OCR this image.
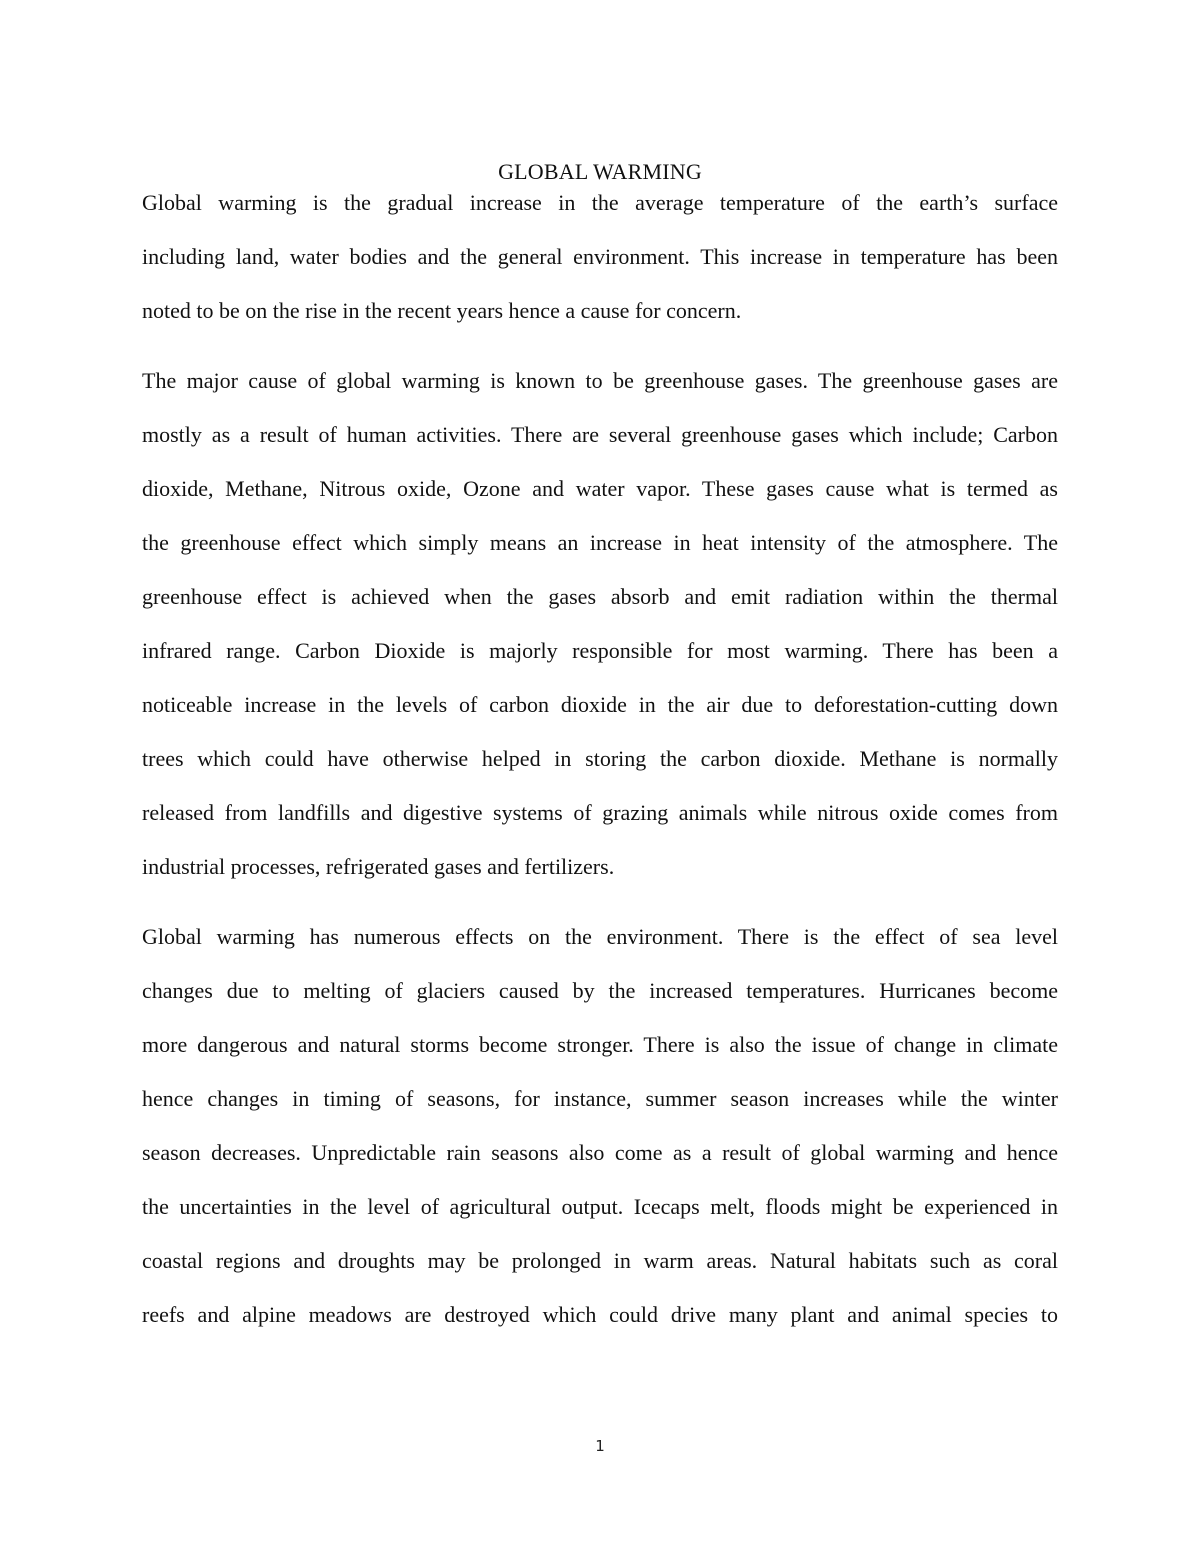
GLOBAL WARMING
Global warming is the gradual increase in the average temperature of the earth’s surface
including land, water bodies and the general environment. This increase in temperature has been
noted to be on the rise in the recent years hence a cause for concern.
The major cause of global warming is known to be greenhouse gases. The greenhouse gases are
mostly as a result of human activities. There are several greenhouse gases which include; Carbon
dioxide, Methane, Nitrous oxide, Ozone and water vapor. These gases cause what is termed as
the greenhouse effect which simply means an increase in heat intensity of the atmosphere. The
greenhouse effect is achieved when the gases absorb and emit radiation within the thermal
infrared range. Carbon Dioxide is majorly responsible for most warming. There has been a
noticeable increase in the levels of carbon dioxide in the air due to deforestation-cutting down
trees which could have otherwise helped in storing the carbon dioxide. Methane is normally
released from landfills and digestive systems of grazing animals while nitrous oxide comes from
industrial processes, refrigerated gases and fertilizers.
Global warming has numerous effects on the environment. There is the effect of sea level
changes due to melting of glaciers caused by the increased temperatures. Hurricanes become
more dangerous and natural storms become stronger. There is also the issue of change in climate
hence changes in timing of seasons, for instance, summer season increases while the winter
season decreases. Unpredictable rain seasons also come as a result of global warming and hence
the uncertainties in the level of agricultural output. Icecaps melt, floods might be experienced in
coastal regions and droughts may be prolonged in warm areas. Natural habitats such as coral
reefs and alpine meadows are destroyed which could drive many plant and animal species to
1
